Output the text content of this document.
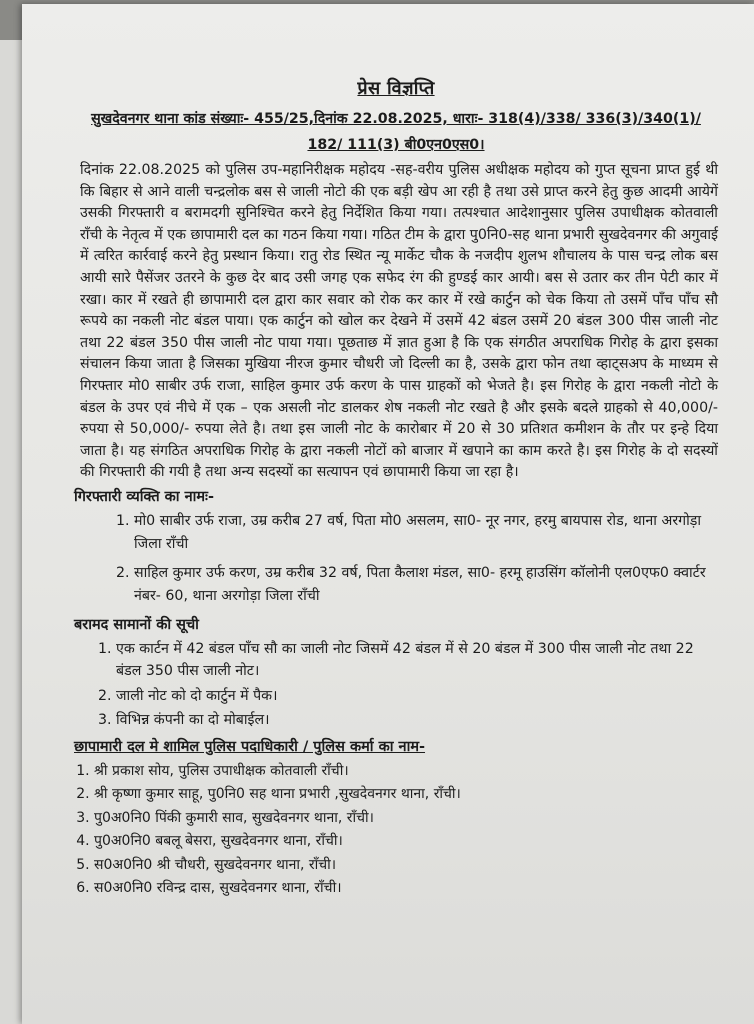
प्रेस विज्ञप्ति
सुखदेवनगर थाना कांड संख्याः- 455/25,दिनांक 22.08.2025, धाराः- 318(4)/338/ 336(3)/340(1)/
182/ 111(3) बी0एन0एस0।

दिनांक 22.08.2025 को पुलिस उप-महानिरीक्षक महोदय -सह-वरीय पुलिस अधीक्षक महोदय को गुप्त सूचना प्राप्त हुई थी कि बिहार से आने वाली चन्द्रलोक बस से जाली नोटो की एक बड़ी खेप आ रही है तथा उसे प्राप्त करने हेतु कुछ आदमी आयेगें उसकी गिरफ्तारी व बरामदगी सुनिश्चित करने हेतु निर्देशित किया गया। तत्पश्चात आदेशानुसार पुलिस उपाधीक्षक कोतवाली राँची के नेतृत्व में एक छापामारी दल का गठन किया गया। गठित टीम के द्वारा पु0नि0-सह थाना प्रभारी सुखदेवनगर की अगुवाई में त्वरित कार्रवाई करने हेतु प्रस्थान किया। रातु रोड स्थित न्यू मार्केट चौक के नजदीप शुलभ शौचालय के पास चन्द्र लोक बस आयी सारे पैसेंजर उतरने के कुछ देर बाद उसी जगह एक सफेद रंग की हुण्डई कार आयी। बस से उतार कर तीन पेटी कार में रखा। कार में रखते ही छापामारी दल द्वारा कार सवार को रोक कर कार में रखे कार्टुन को चेक किया तो उसमें पाँच पाँच सौ रूपये का नकली नोट बंडल पाया। एक कार्टुन को खोल कर देखने में उसमें 42 बंडल उसमें 20 बंडल 300 पीस जाली नोट तथा 22 बंडल 350 पीस जाली नोट पाया गया। पूछताछ में ज्ञात हुआ है कि एक संगठीत अपराधिक गिरोह के द्वारा इसका संचालन किया जाता है जिसका मुखिया नीरज कुमार चौधरी जो दिल्ली का है, उसके द्वारा फोन तथा व्हाट्सअप के माध्यम से गिरफ्तार मो0 साबीर उर्फ राजा, साहिल कुमार उर्फ करण के पास ग्राहकों को भेजते है। इस गिरोह के द्वारा नकली नोटो के बंडल के उपर एवं नीचे में एक – एक असली नोट डालकर शेष नकली नोट रखते है और इसके बदले ग्राहको से 40,000/- रुपया से 50,000/- रुपया लेते है। तथा इस जाली नोट के कारोबार में 20 से 30 प्रतिशत कमीशन के तौर पर इन्हे दिया जाता है। यह संगठित अपराधिक गिरोह के द्वारा नकली नोटों को बाजार में खपाने का काम करते है। इस गिरोह के दो सदस्यों की गिरफ्तारी की गयी है तथा अन्य सदस्यों का सत्यापन एवं छापामारी किया जा रहा है।

गिरफ्तारी व्यक्ति का नामः-
1. मो0 साबीर उर्फ राजा, उम्र करीब 27 वर्ष, पिता मो0 असलम, सा0- नूर नगर, हरमु बायपास रोड, थाना अरगोड़ा जिला राँची
2. साहिल कुमार उर्फ करण, उम्र करीब 32 वर्ष, पिता कैलाश मंडल, सा0- हरमू हाउसिंग कॉलोनी एल0एफ0 क्वार्टर नंबर- 60, थाना अरगोड़ा जिला राँची
बरामद सामानों की सूची
1. एक कार्टन में 42 बंडल पाँच सौ का जाली नोट जिसमें 42 बंडल में से 20 बंडल में 300 पीस जाली नोट तथा 22 बंडल 350 पीस जाली नोट।
2. जाली नोट को दो कार्टुन में पैक।
3. विभिन्न कंपनी का दो मोबाईल।
छापामारी दल मे शामिल पुलिस पदाधिकारी / पुलिस कर्मा का नाम-
1. श्री प्रकाश सोय, पुलिस उपाधीक्षक कोतवाली राँची।
2. श्री कृष्णा कुमार साहू, पु0नि0 सह थाना प्रभारी ,सुखदेवनगर थाना, राँची।
3. पु0अ0नि0 पिंकी कुमारी साव, सुखदेवनगर थाना, राँची।
4. पु0अ0नि0 बबलू बेसरा, सुखदेवनगर थाना, राँची।
5. स0अ0नि0 श्री चौधरी, सुखदेवनगर थाना, राँची।
6. स0अ0नि0 रविन्द्र दास, सुखदेवनगर थाना, राँची।
